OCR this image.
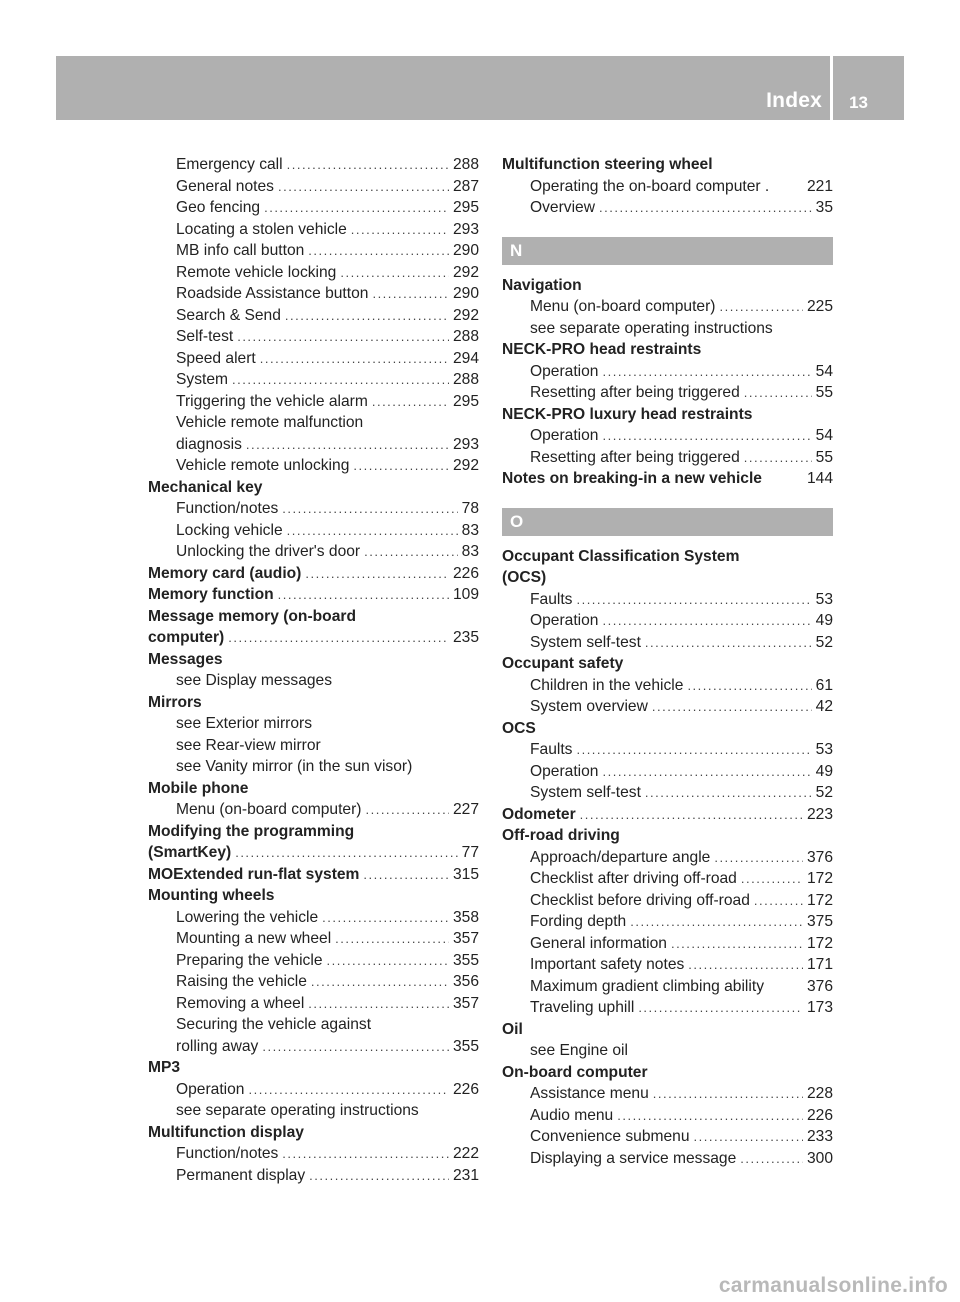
Index 13
Emergency call .....	288
General notes .....	287
Geo fencing .....	295
Locating a stolen vehicle .....	293
MB info call button .....	290
Remote vehicle locking .....	292
Roadside Assistance button .....	290
Search & Send .....	292
Self-test .....	288
Speed alert .....	294
System .....	288
Triggering the vehicle alarm .....	295
Vehicle remote malfunction
diagnosis .....	293
Vehicle remote unlocking .....	292
Mechanical key
Function/notes .....	78
Locking vehicle .....	83
Unlocking the driver's door .....	83
Memory card (audio) .....	226
Memory function .....	109
Message memory (on-board
computer) .....	235
Messages
see Display messages
Mirrors
see Exterior mirrors
see Rear-view mirror
see Vanity mirror (in the sun visor)
Mobile phone
Menu (on-board computer) .....	227
Modifying the programming
(SmartKey) .....	77
MOExtended run-flat system .....	315
Mounting wheels
Lowering the vehicle .....	358
Mounting a new wheel .....	357
Preparing the vehicle .....	355
Raising the vehicle .....	356
Removing a wheel .....	357
Securing the vehicle against
rolling away .....	355
MP3
Operation .....	226
see separate operating instructions
Multifunction display
Function/notes .....	222
Permanent display .....	231
Multifunction steering wheel
Operating the on-board computer . 221
Overview .....	35
N
Navigation
Menu (on-board computer) .....	225
see separate operating instructions
NECK-PRO head restraints
Operation .....	54
Resetting after being triggered .....	55
NECK-PRO luxury head restraints
Operation .....	54
Resetting after being triggered .....	55
Notes on breaking-in a new vehicle	144
O
Occupant Classification System
(OCS)
Faults .....	53
Operation .....	49
System self-test .....	52
Occupant safety
Children in the vehicle .....	61
System overview .....	42
OCS
Faults .....	53
Operation .....	49
System self-test .....	52
Odometer .....	223
Off-road driving
Approach/departure angle .....	376
Checklist after driving off-road .....	172
Checklist before driving off-road .....	172
Fording depth .....	375
General information .....	172
Important safety notes .....	171
Maximum gradient climbing ability	376
Traveling uphill .....	173
Oil
see Engine oil
On-board computer
Assistance menu .....	228
Audio menu .....	226
Convenience submenu .....	233
Displaying a service message .....	300
carmanualsonline.info
